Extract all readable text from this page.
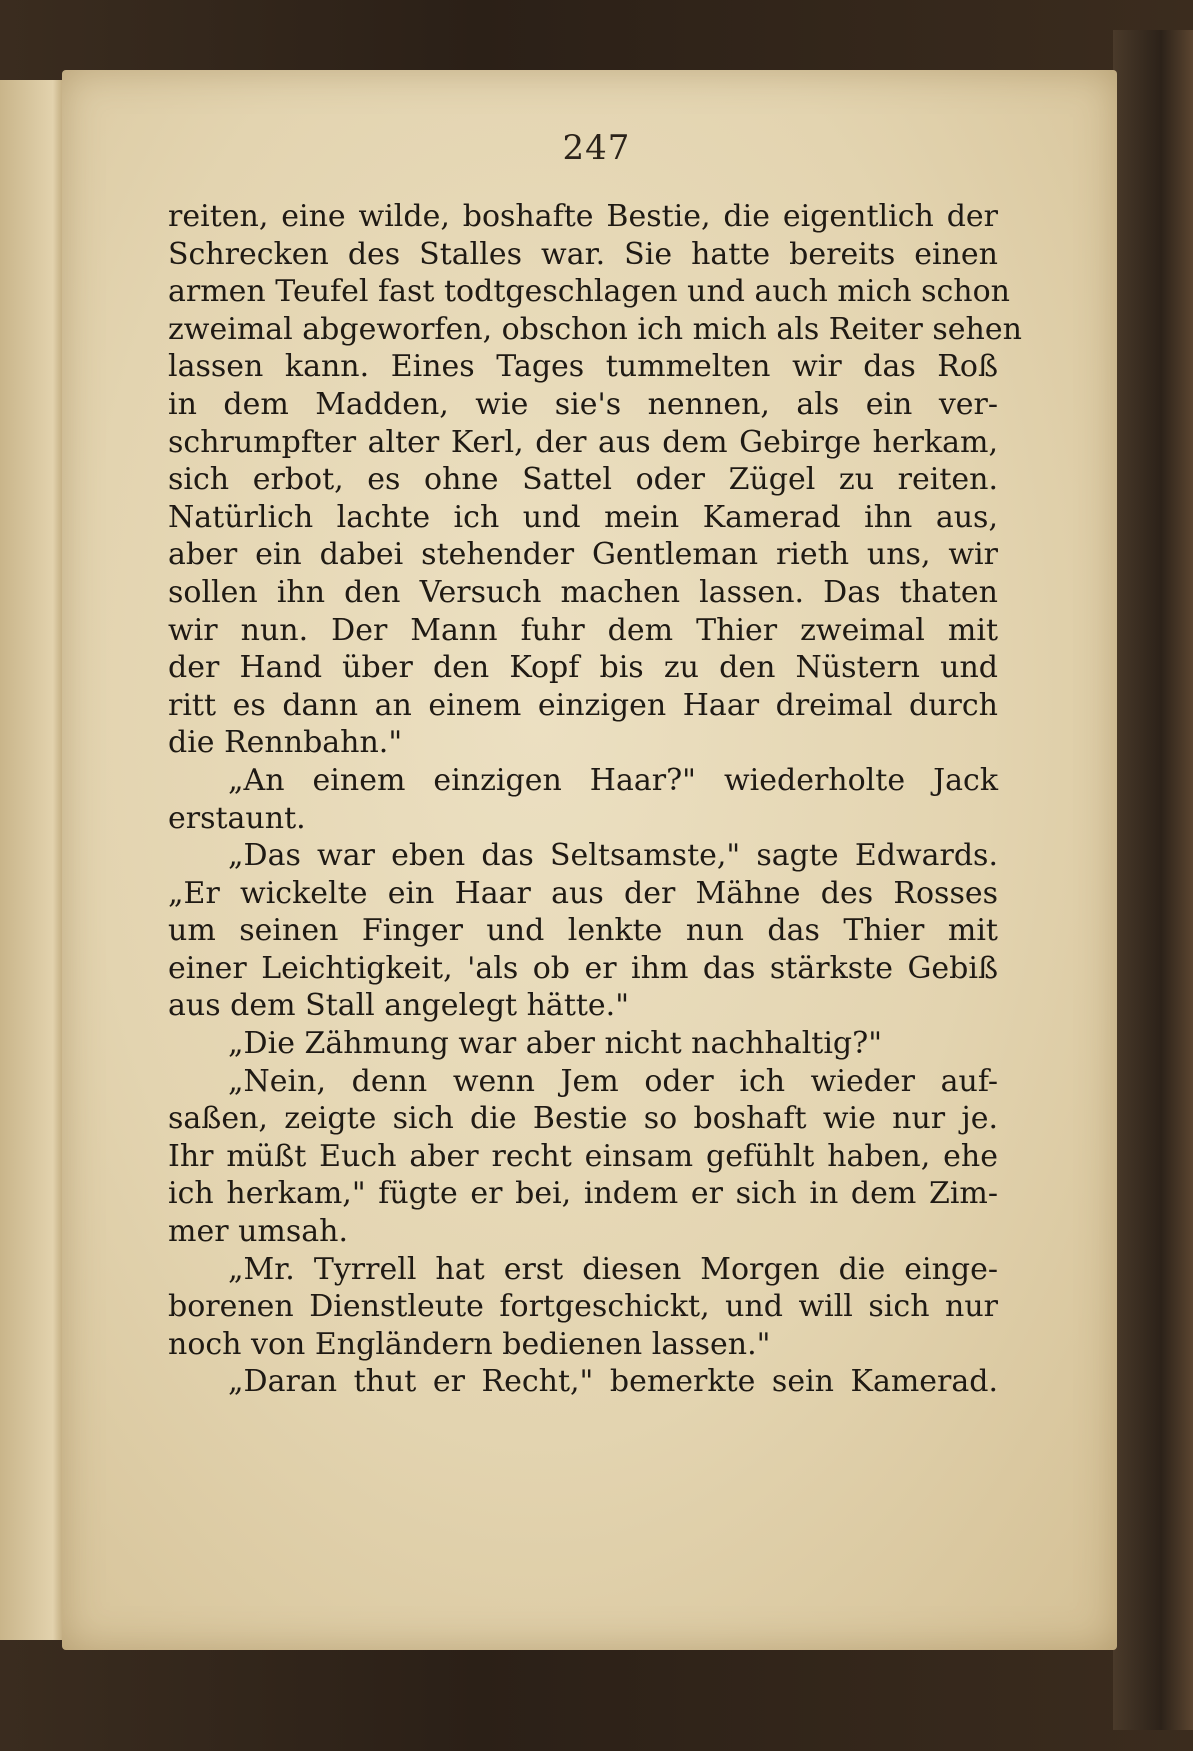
247
reiten, eine wilde, boshafte Bestie, die eigentlich der
Schrecken des Stalles war. Sie hatte bereits einen
armen Teufel fast todtgeschlagen und auch mich schon
zweimal abgeworfen, obschon ich mich als Reiter sehen
lassen kann. Eines Tages tummelten wir das Roß
in dem Madden, wie sie's nennen, als ein ver-
schrumpfter alter Kerl, der aus dem Gebirge herkam,
sich erbot, es ohne Sattel oder Zügel zu reiten.
Natürlich lachte ich und mein Kamerad ihn aus,
aber ein dabei stehender Gentleman rieth uns, wir
sollen ihn den Versuch machen lassen. Das thaten
wir nun. Der Mann fuhr dem Thier zweimal mit
der Hand über den Kopf bis zu den Nüstern und
ritt es dann an einem einzigen Haar dreimal durch
die Rennbahn."
„An einem einzigen Haar?" wiederholte Jack
erstaunt.
„Das war eben das Seltsamste," sagte Edwards.
„Er wickelte ein Haar aus der Mähne des Rosses
um seinen Finger und lenkte nun das Thier mit
einer Leichtigkeit, 'als ob er ihm das stärkste Gebiß
aus dem Stall angelegt hätte."
„Die Zähmung war aber nicht nachhaltig?"
„Nein, denn wenn Jem oder ich wieder auf-
saßen, zeigte sich die Bestie so boshaft wie nur je.
Ihr müßt Euch aber recht einsam gefühlt haben, ehe
ich herkam," fügte er bei, indem er sich in dem Zim-
mer umsah.
„Mr. Tyrrell hat erst diesen Morgen die einge-
borenen Dienstleute fortgeschickt, und will sich nur
noch von Engländern bedienen lassen."
„Daran thut er Recht," bemerkte sein Kamerad.
